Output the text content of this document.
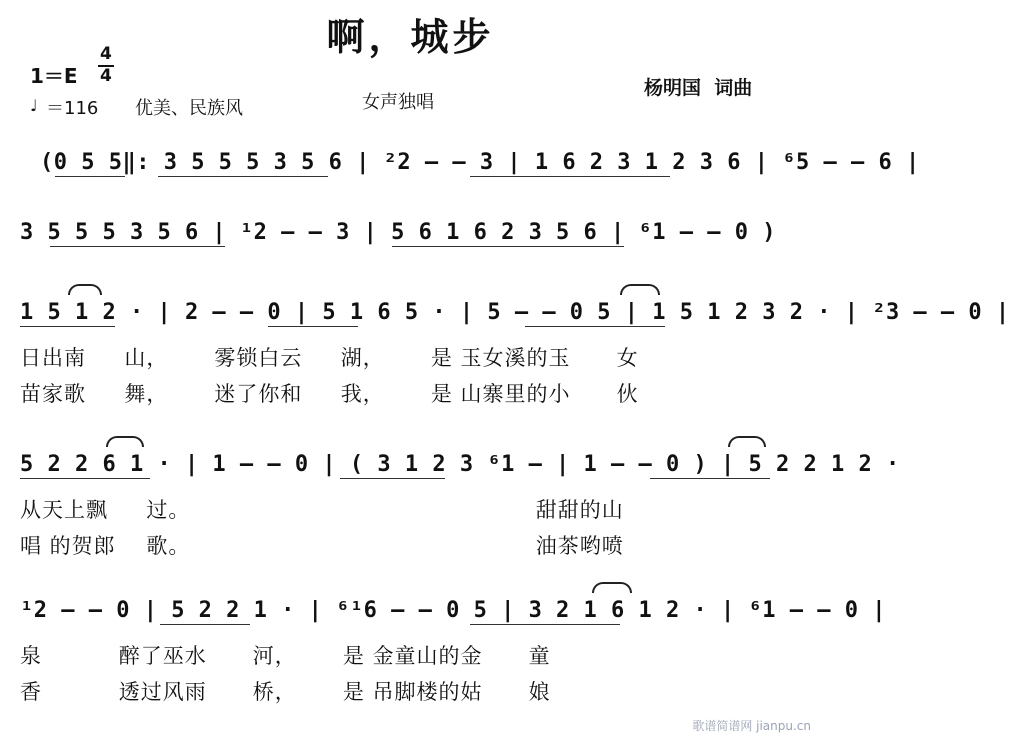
啊，城步
1＝E
4
4
♩ ＝116 优美、民族风	女声独唱
杨明国  词曲
(0 5 5‖: 3 5 5 5 3 5 6 | ²2 — — 3 | 1 6 2 3 1 2 3 6 | ⁶5 — — 6 |
3 5 5 5 3 5 6 | ¹2 — — 3 | 5 6 1 6 2 3 5 6 | ⁶1 — — 0 )
1 5 1 2 · | 2 — — 0 | 5 1 6 5 · | 5 — — 0 5 | 1 5 1 2 3 2 · | ²3 — — 0 |
日出南     山，      雾锁白云     湖，      是 玉女溪的玉      女
苗家歌     舞，      迷了你和     我，      是 山寨里的小      伙
5 2 2 6 1 · | 1 — — 0 | ( 3 1 2 3 ⁶1 — | 1 — — 0 ) | 5 2 2 1 2 ·
从天上飘     过。                                             甜甜的山
唱 的贺郎    歌。                                             油茶哟喷
¹2 — — 0 | 5 2 2 1 · | ⁶¹6 — — 0 5 | 3 2 1 6 1 2 · | ⁶1 — — 0 |
泉          醉了巫水      河，      是 金童山的金      童
香          透过风雨      桥，      是 吊脚楼的姑      娘
歌谱简谱网 jianpu.cn
